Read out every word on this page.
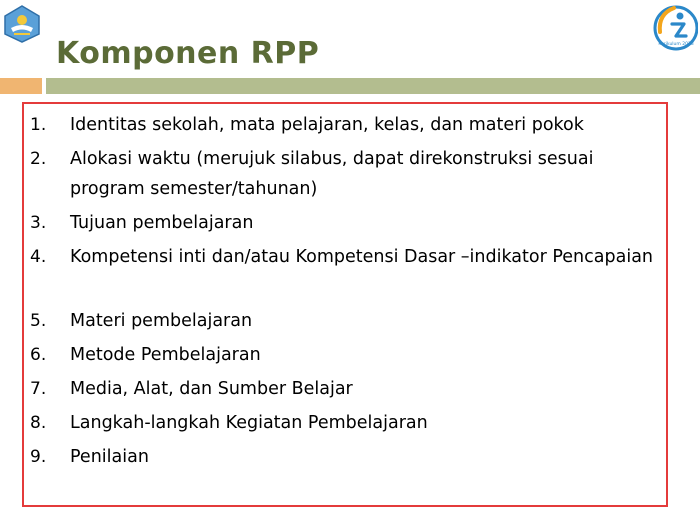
Kurikulum 2013
Komponen RPP
1. Identitas sekolah, mata pelajaran, kelas, dan materi pokok
2. Alokasi waktu (merujuk silabus, dapat direkonstruksi sesuai program semester/tahunan)
3. Tujuan pembelajaran
4. Kompetensi inti dan/atau Kompetensi Dasar –indikator Pencapaian
5. Materi pembelajaran
6. Metode Pembelajaran
7. Media, Alat, dan Sumber Belajar
8. Langkah-langkah Kegiatan Pembelajaran
9. Penilaian
